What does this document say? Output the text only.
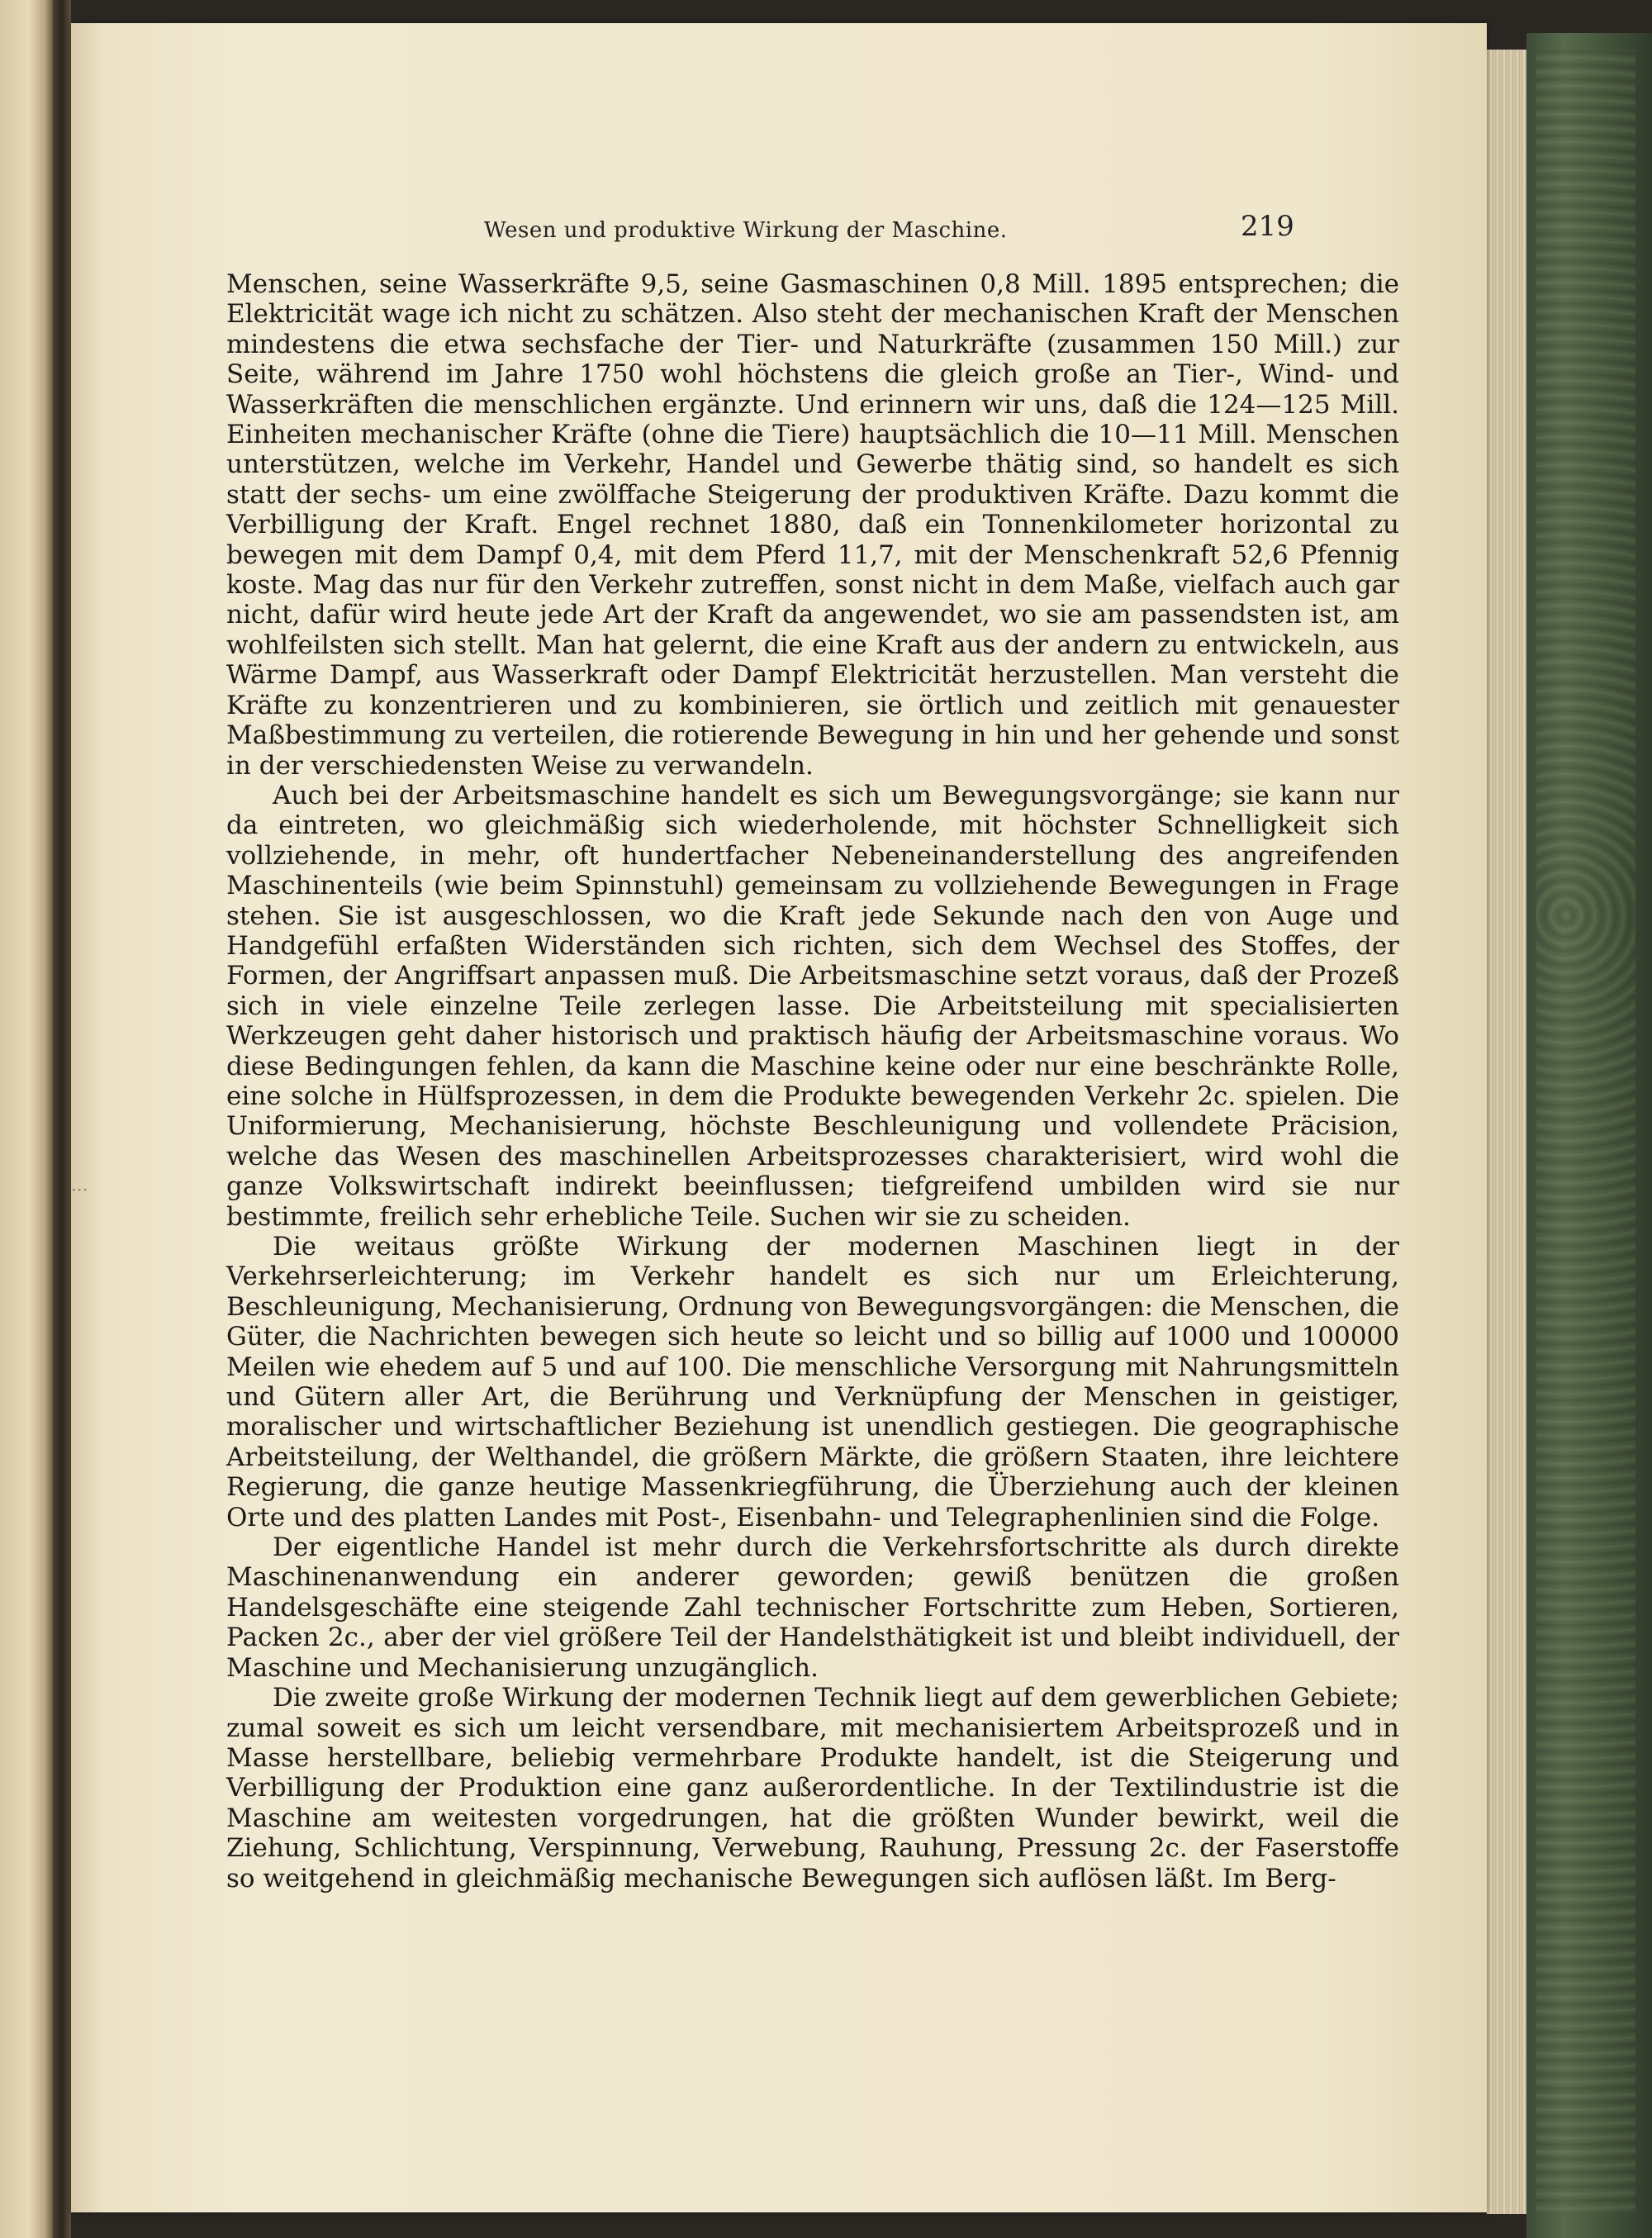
⋅⋅⋅
Wesen und produktive Wirkung der Maschine.	219

Menschen, seine Wasserkräfte 9,5, seine Gasmaschinen 0,8 Mill. 1895 entsprechen; die Elektricität wage ich nicht zu schätzen. Also steht der mechanischen Kraft der Menschen mindestens die etwa sechsfache der Tier- und Naturkräfte (zusammen 150 Mill.) zur Seite, während im Jahre 1750 wohl höchstens die gleich große an Tier-, Wind- und Wasserkräften die menschlichen ergänzte. Und erinnern wir uns, daß die 124—125 Mill. Einheiten mechanischer Kräfte (ohne die Tiere) hauptsächlich die 10—11 Mill. Menschen unterstützen, welche im Verkehr, Handel und Gewerbe thätig sind, so handelt es sich statt der sechs- um eine zwölffache Steigerung der produktiven Kräfte. Dazu kommt die Verbilligung der Kraft. Engel rechnet 1880, daß ein Tonnenkilometer horizontal zu bewegen mit dem Dampf 0,4, mit dem Pferd 11,7, mit der Menschenkraft 52,6 Pfennig koste. Mag das nur für den Verkehr zutreffen, sonst nicht in dem Maße, vielfach auch gar nicht, dafür wird heute jede Art der Kraft da angewendet, wo sie am passendsten ist, am wohlfeilsten sich stellt. Man hat gelernt, die eine Kraft aus der andern zu entwickeln, aus Wärme Dampf, aus Wasserkraft oder Dampf Elektricität herzustellen. Man versteht die Kräfte zu konzentrieren und zu kombinieren, sie örtlich und zeitlich mit genauester Maßbestimmung zu verteilen, die rotierende Bewegung in hin und her gehende und sonst in der verschiedensten Weise zu verwandeln.

Auch bei der Arbeitsmaschine handelt es sich um Bewegungsvorgänge; sie kann nur da eintreten, wo gleichmäßig sich wiederholende, mit höchster Schnelligkeit sich vollziehende, in mehr, oft hundertfacher Nebeneinanderstellung des angreifenden Maschinenteils (wie beim Spinnstuhl) gemeinsam zu vollziehende Bewegungen in Frage stehen. Sie ist ausgeschlossen, wo die Kraft jede Sekunde nach den von Auge und Handgefühl erfaßten Widerständen sich richten, sich dem Wechsel des Stoffes, der Formen, der Angriffsart anpassen muß. Die Arbeitsmaschine setzt voraus, daß der Prozeß sich in viele einzelne Teile zerlegen lasse. Die Arbeitsteilung mit specialisierten Werkzeugen geht daher historisch und praktisch häufig der Arbeitsmaschine voraus. Wo diese Bedingungen fehlen, da kann die Maschine keine oder nur eine beschränkte Rolle, eine solche in Hülfsprozessen, in dem die Produkte bewegenden Verkehr 2c. spielen. Die Uniformierung, Mechanisierung, höchste Beschleunigung und vollendete Präcision, welche das Wesen des maschinellen Arbeitsprozesses charakterisiert, wird wohl die ganze Volkswirtschaft indirekt beeinflussen; tiefgreifend umbilden wird sie nur bestimmte, freilich sehr erhebliche Teile. Suchen wir sie zu scheiden.

Die weitaus größte Wirkung der modernen Maschinen liegt in der Verkehrserleichterung; im Verkehr handelt es sich nur um Erleichterung, Beschleunigung, Mechanisierung, Ordnung von Bewegungsvorgängen: die Menschen, die Güter, die Nachrichten bewegen sich heute so leicht und so billig auf 1000 und 100000 Meilen wie ehedem auf 5 und auf 100. Die menschliche Versorgung mit Nahrungsmitteln und Gütern aller Art, die Berührung und Verknüpfung der Menschen in geistiger, moralischer und wirtschaftlicher Beziehung ist unendlich gestiegen. Die geographische Arbeitsteilung, der Welthandel, die größern Märkte, die größern Staaten, ihre leichtere Regierung, die ganze heutige Massenkriegführung, die Überziehung auch der kleinen Orte und des platten Landes mit Post-, Eisenbahn- und Telegraphenlinien sind die Folge.

Der eigentliche Handel ist mehr durch die Verkehrsfortschritte als durch direkte Maschinenanwendung ein anderer geworden; gewiß benützen die großen Handelsgeschäfte eine steigende Zahl technischer Fortschritte zum Heben, Sortieren, Packen 2c., aber der viel größere Teil der Handelsthätigkeit ist und bleibt individuell, der Maschine und Mechanisierung unzugänglich.

Die zweite große Wirkung der modernen Technik liegt auf dem gewerblichen Gebiete; zumal soweit es sich um leicht versendbare, mit mechanisiertem Arbeitsprozeß und in Masse herstellbare, beliebig vermehrbare Produkte handelt, ist die Steigerung und Verbilligung der Produktion eine ganz außerordentliche. In der Textilindustrie ist die Maschine am weitesten vorgedrungen, hat die größten Wunder bewirkt, weil die Ziehung, Schlichtung, Verspinnung, Verwebung, Rauhung, Pressung 2c. der Faserstoffe so weitgehend in gleichmäßig mechanische Bewegungen sich auflösen läßt. Im Berg-
